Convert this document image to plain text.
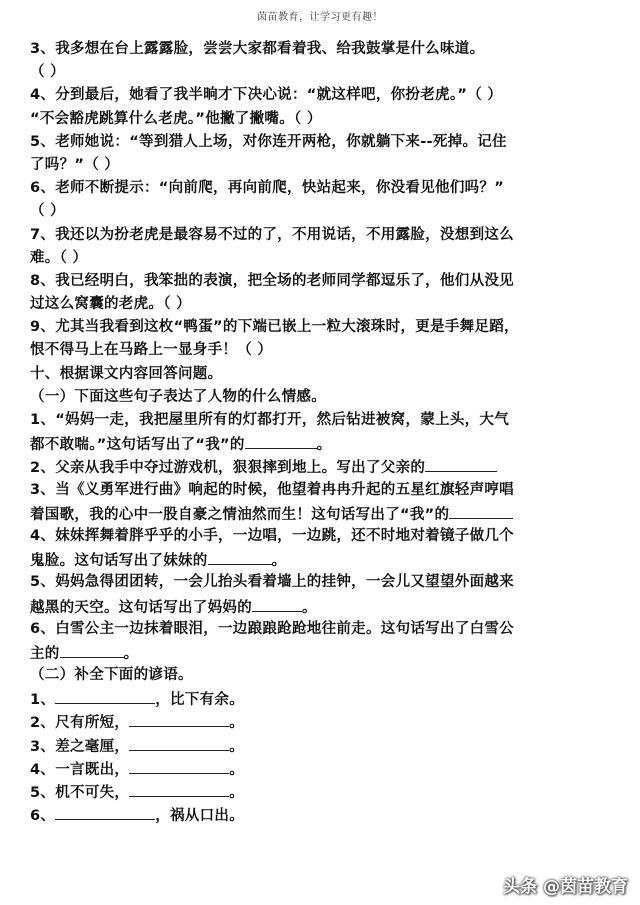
茵苗教育，让学习更有趣！
3、我多想在台上露露脸，尝尝大家都看着我、给我鼓掌是什么味道。
（ ）
4、分到最后，她看了我半晌才下决心说：“就这样吧，你扮老虎。”（ ）
“不会豁虎跳算什么老虎。”他撇了撇嘴。（ ）
5、老师她说：“等到猎人上场，对你连开两枪，你就躺下来--死掉。记住
了吗？”（ ）
6、老师不断提示：“向前爬，再向前爬，快站起来，你没看见他们吗？”
（ ）
7、我还以为扮老虎是最容易不过的了，不用说话，不用露脸，没想到这么
难。（ ）
8、我已经明白，我笨拙的表演，把全场的老师同学都逗乐了，他们从没见
过这么窝囊的老虎。（ ）
9、尤其当我看到这枚“鸭蛋”的下端已嵌上一粒大滚珠时，更是手舞足蹈，
恨不得马上在马路上一显身手！（ ）
十、根据课文内容回答问题。
（一）下面这些句子表达了人物的什么情感。
1、“妈妈一走，我把屋里所有的灯都打开，然后钻进被窝，蒙上头，大气
都不敢喘。”这句话写出了“我”的	。
2、父亲从我手中夺过游戏机，狠狠摔到地上。写出了父亲的
3、当《义勇军进行曲》响起的时候，他望着冉冉升起的五星红旗轻声哼唱
着国歌，我的心中一股自豪之情油然而生！这句话写出了“我”的
4、妹妹挥舞着胖乎乎的小手，一边唱，一边跳，还不时地对着镜子做几个
鬼脸。这句话写出了妹妹的	。
5、妈妈急得团团转，一会儿抬头看着墙上的挂钟，一会儿又望望外面越来
越黑的天空。这句话写出了妈妈的	。
6、白雪公主一边抹着眼泪，一边踉踉跄跄地往前走。这句话写出了白雪公
主的	。
（二）补全下面的谚语。
1、	，比下有余。
2、尺有所短，	。
3、差之毫厘，	。
4、一言既出，	。
5、机不可失，	。
6、	，祸从口出。
头条 @茵苗教育
